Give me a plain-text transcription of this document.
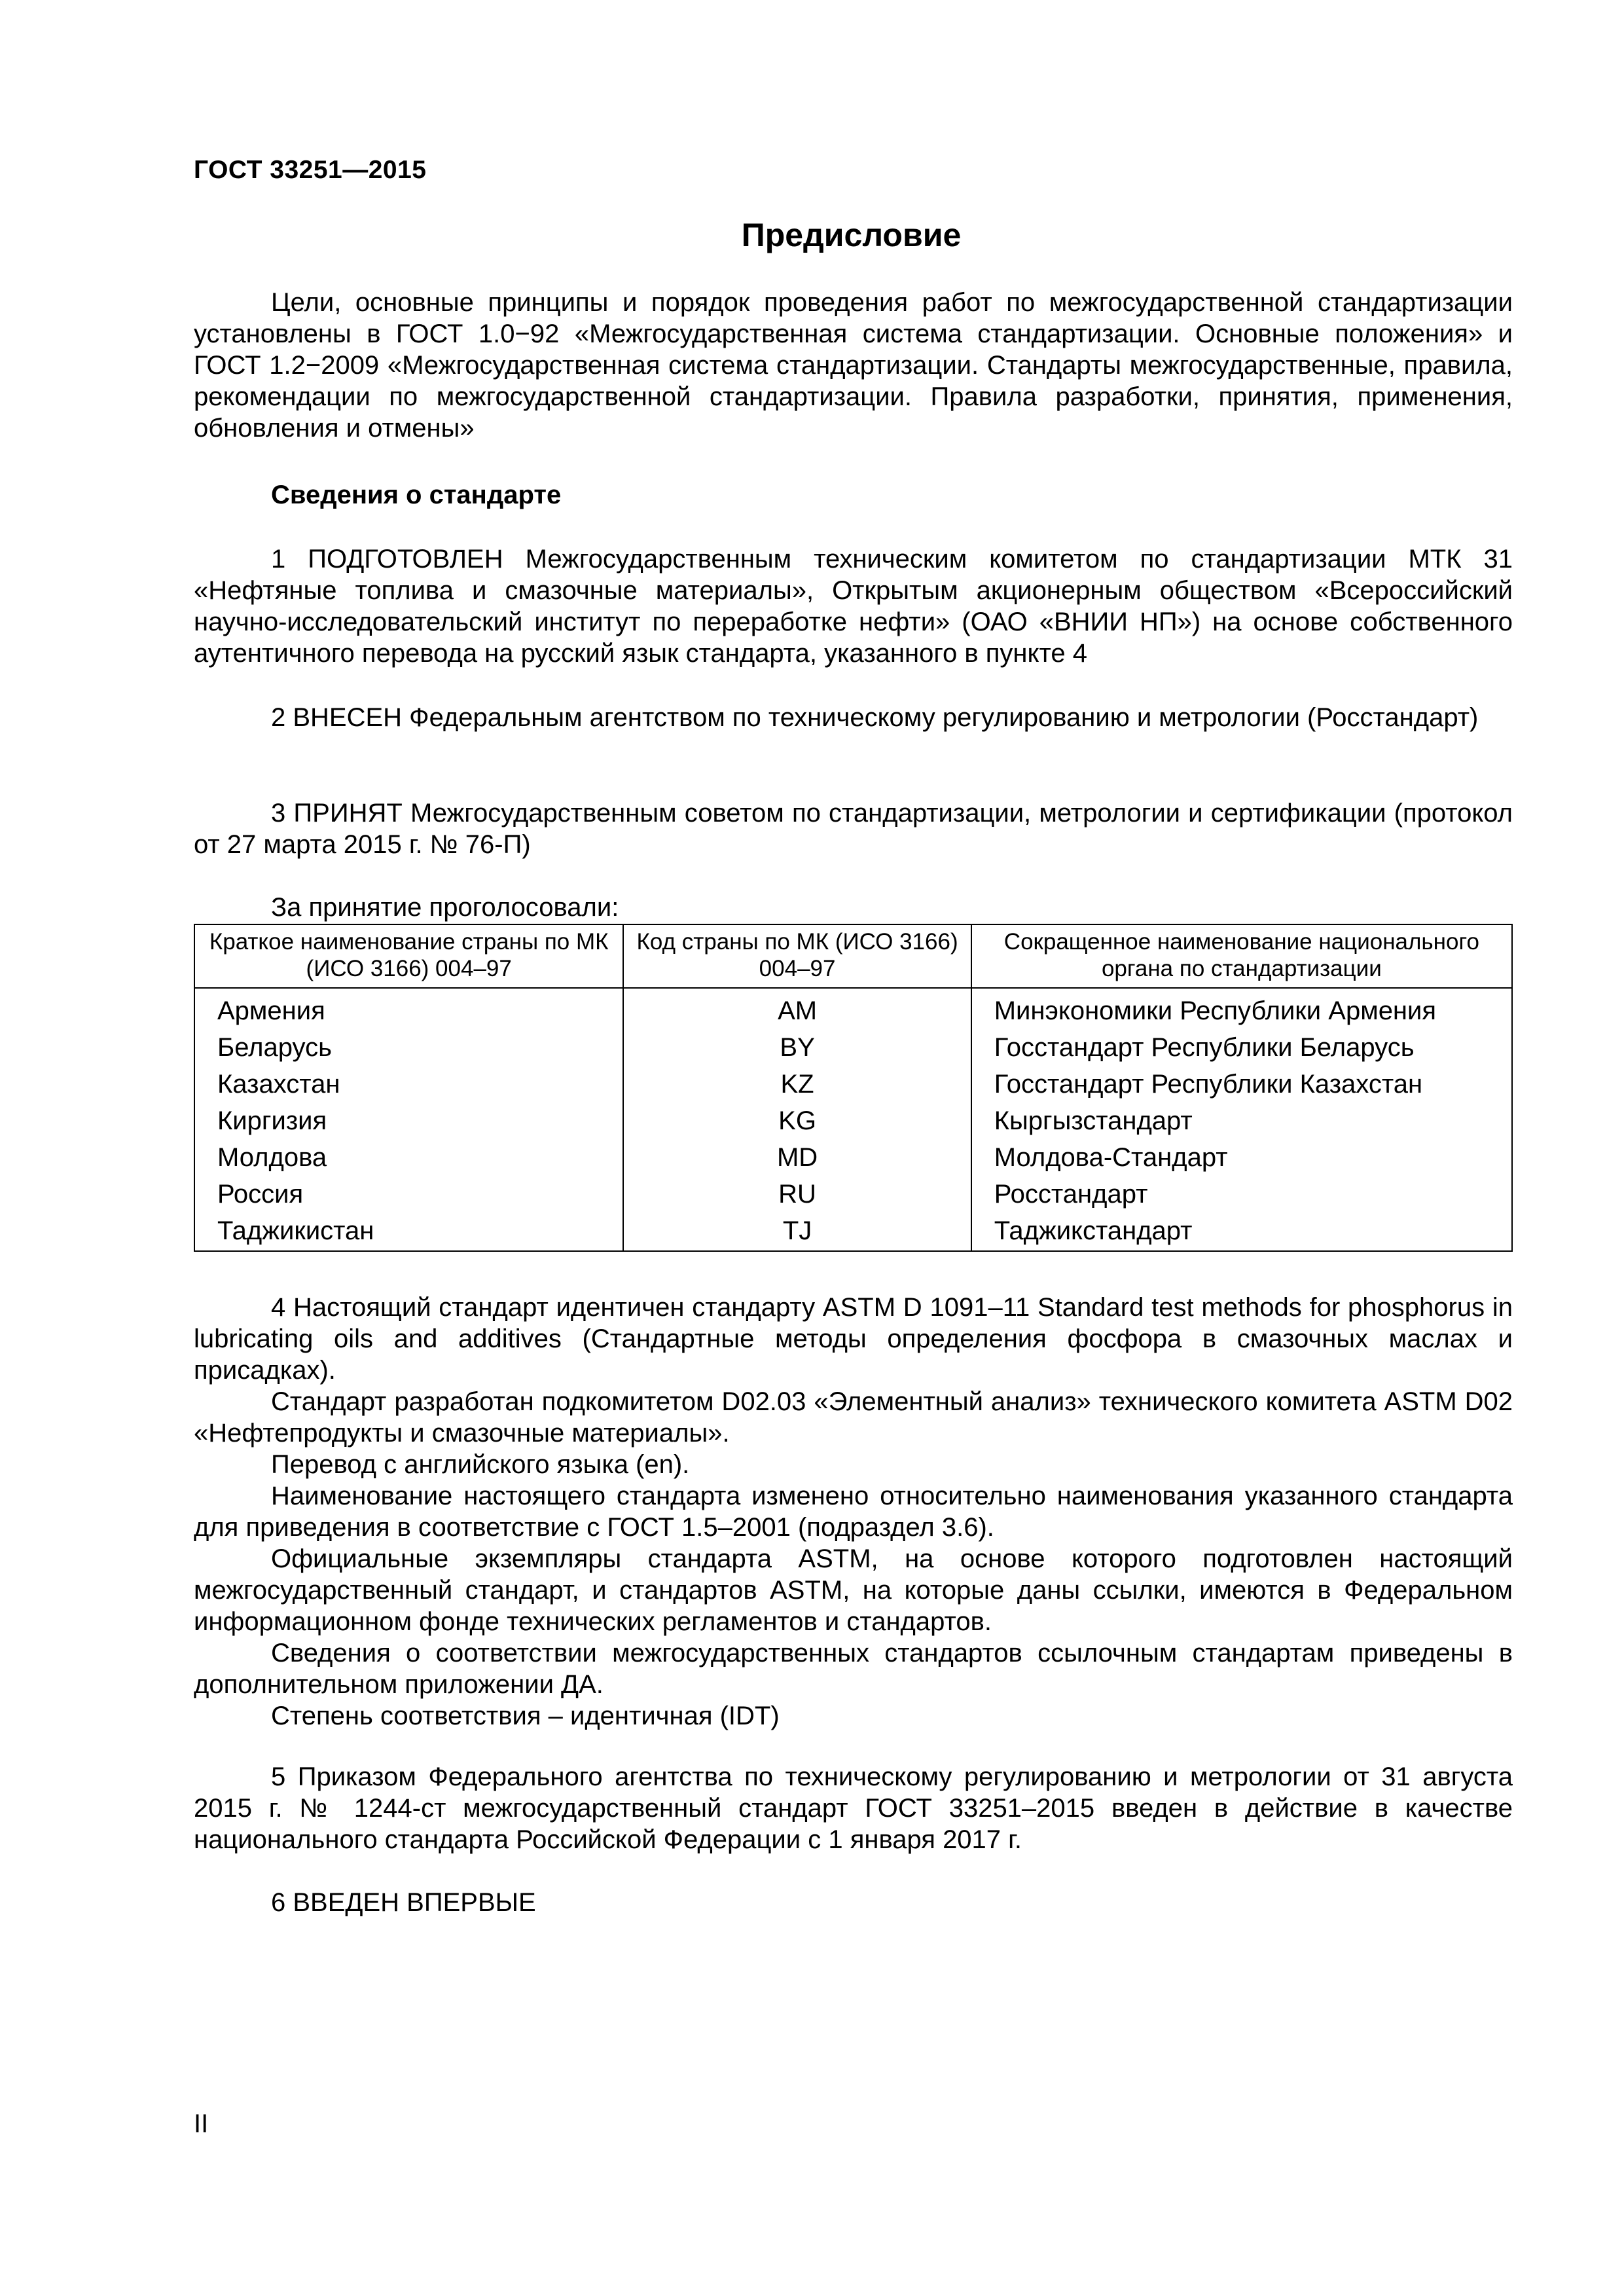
ГОСТ 33251—2015
Предисловие

Цели, основные принципы и порядок проведения работ по межгосударственной стандартизации установлены в ГОСТ 1.0−92 «Межгосударственная система стандартизации. Основные положения» и ГОСТ 1.2−2009 «Межгосударственная система стандартизации. Стандарты межгосударственные, правила, рекомендации по межгосударственной стандартизации. Правила разработки, принятия, применения, обновления и отмены»

Сведения о стандарте

1 ПОДГОТОВЛЕН Межгосударственным техническим комитетом по стандартизации МТК 31 «Нефтяные топлива и смазочные материалы», Открытым акционерным обществом «Всероссийский научно-исследовательский институт по переработке нефти» (ОАО «ВНИИ НП») на основе собственного аутентичного перевода на русский язык стандарта, указанного в пункте 4

2 ВНЕСЕН Федеральным агентством по техническому регулированию и метрологии (Росстандарт)

3 ПРИНЯТ Межгосударственным советом по стандартизации, метрологии и сертификации (протокол от 27 марта 2015 г. № 76-П)

За принятие проголосовали:

Краткое наименование страны по МК (ИСО 3166) 004–97	Код страны по МК (ИСО 3166) 004–97	Сокращенное наименование национального органа по стандартизации
Армения	AM	Минэкономики Республики Армения
Беларусь	BY	Госстандарт Республики Беларусь
Казахстан	KZ	Госстандарт Республики Казахстан
Киргизия	KG	Кыргызстандарт
Молдова	MD	Молдова-Стандарт
Россия	RU	Росстандарт
Таджикистан	TJ	Таджикстандарт

4 Настоящий стандарт идентичен стандарту ASTM D 1091–11 Standard test methods for phosphorus in lubricating oils and additives (Стандартные методы определения фосфора в смазочных маслах и присадках).

Стандарт разработан подкомитетом D02.03 «Элементный анализ» технического комитета ASTM D02 «Нефтепродукты и смазочные материалы».

Перевод с английского языка (en).

Наименование настоящего стандарта изменено относительно наименования указанного стандарта для приведения в соответствие с ГОСТ 1.5–2001 (подраздел 3.6).

Официальные экземпляры стандарта ASTM, на основе которого подготовлен настоящий межгосударственный стандарт, и стандартов ASTM, на которые даны ссылки, имеются в Федеральном информационном фонде технических регламентов и стандартов.

Сведения о соответствии межгосударственных стандартов ссылочным стандартам приведены в дополнительном приложении ДА.

Степень соответствия – идентичная (IDT)

5 Приказом Федерального агентства по техническому регулированию и метрологии от 31 августа 2015 г. № 1244-ст межгосударственный стандарт ГОСТ 33251–2015 введен в действие в качестве национального стандарта Российской Федерации с 1 января 2017 г.

6 ВВЕДЕН ВПЕРВЫЕ

II
